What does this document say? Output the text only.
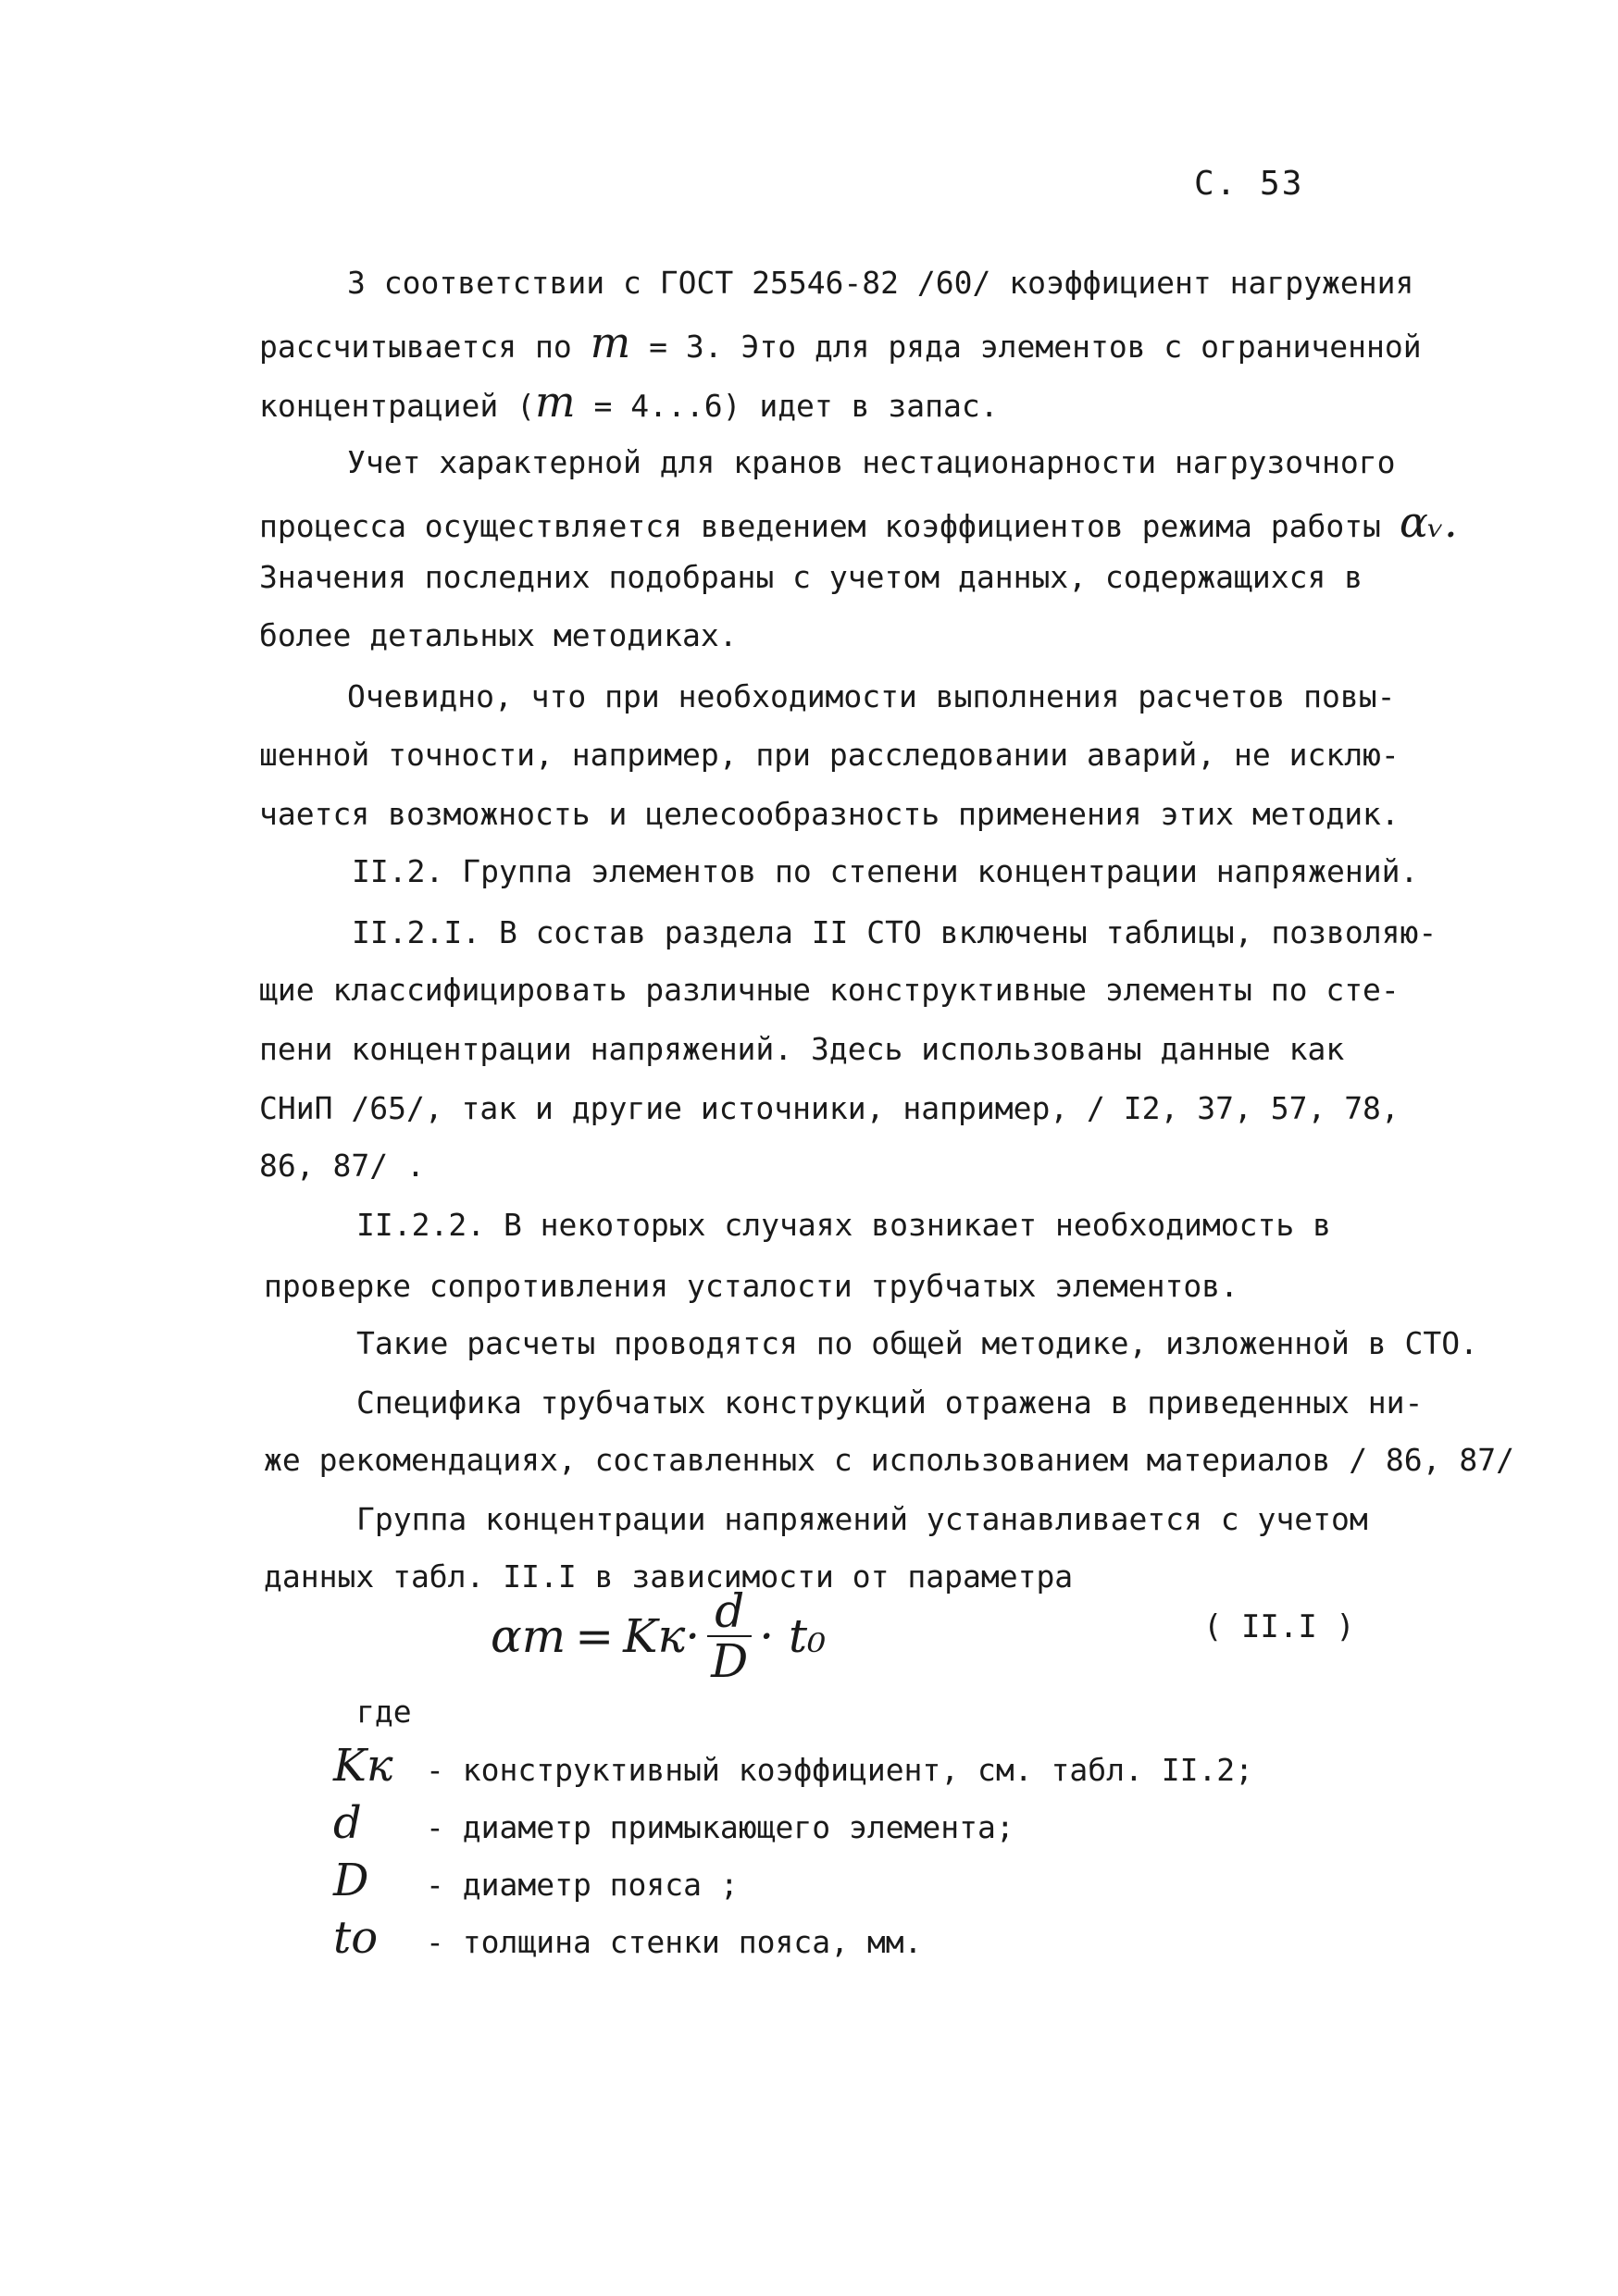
С. 53
З соответствии с ГОСТ 25546-82 /60/ коэффициент нагружения
рассчитывается по m = 3. Это для ряда элементов с ограниченной
концентрацией (m = 4...6) идет в запас.
Учет характерной для кранов нестационарности нагрузочного
процесса осуществляется введением коэффициентов режима работы αᵥ.
Значения последних подобраны с учетом данных, содержащихся в
более детальных методиках.
Очевидно, что при необходимости выполнения расчетов повы-
шенной точности, например, при расследовании аварий, не исклю-
чается возможность и целесообразность применения этих методик.
II.2. Группа элементов по степени концентрации напряжений.
II.2.I. В состав раздела II СТО включены таблицы, позволяю-
щие классифицировать различные конструктивные элементы по сте-
пени концентрации напряжений. Здесь использованы данные как
СНиП /65/, так и другие источники, например, / I2, 37, 57, 78,
86, 87/ .
II.2.2. В некоторых случаях возникает необходимость в
проверке сопротивления усталости трубчатых элементов.
Такие расчеты проводятся по общей методике, изложенной в СТО.
Специфика трубчатых конструкций отражена в приведенных ни-
же рекомендациях, составленных с использованием материалов / 86, 87/
Группа концентрации напряжений устанавливается с учетом
данных табл. II.I в зависимости от параметра
$\alpha m = Kк\cdot \frac{d}{D} \cdot t_0$	( II.I )
где
Kк - конструктивный коэффициент, см. табл. II.2;
d - диаметр примыкающего элемента;
D - диаметр пояса ;
tо - толщина стенки пояса, мм.
